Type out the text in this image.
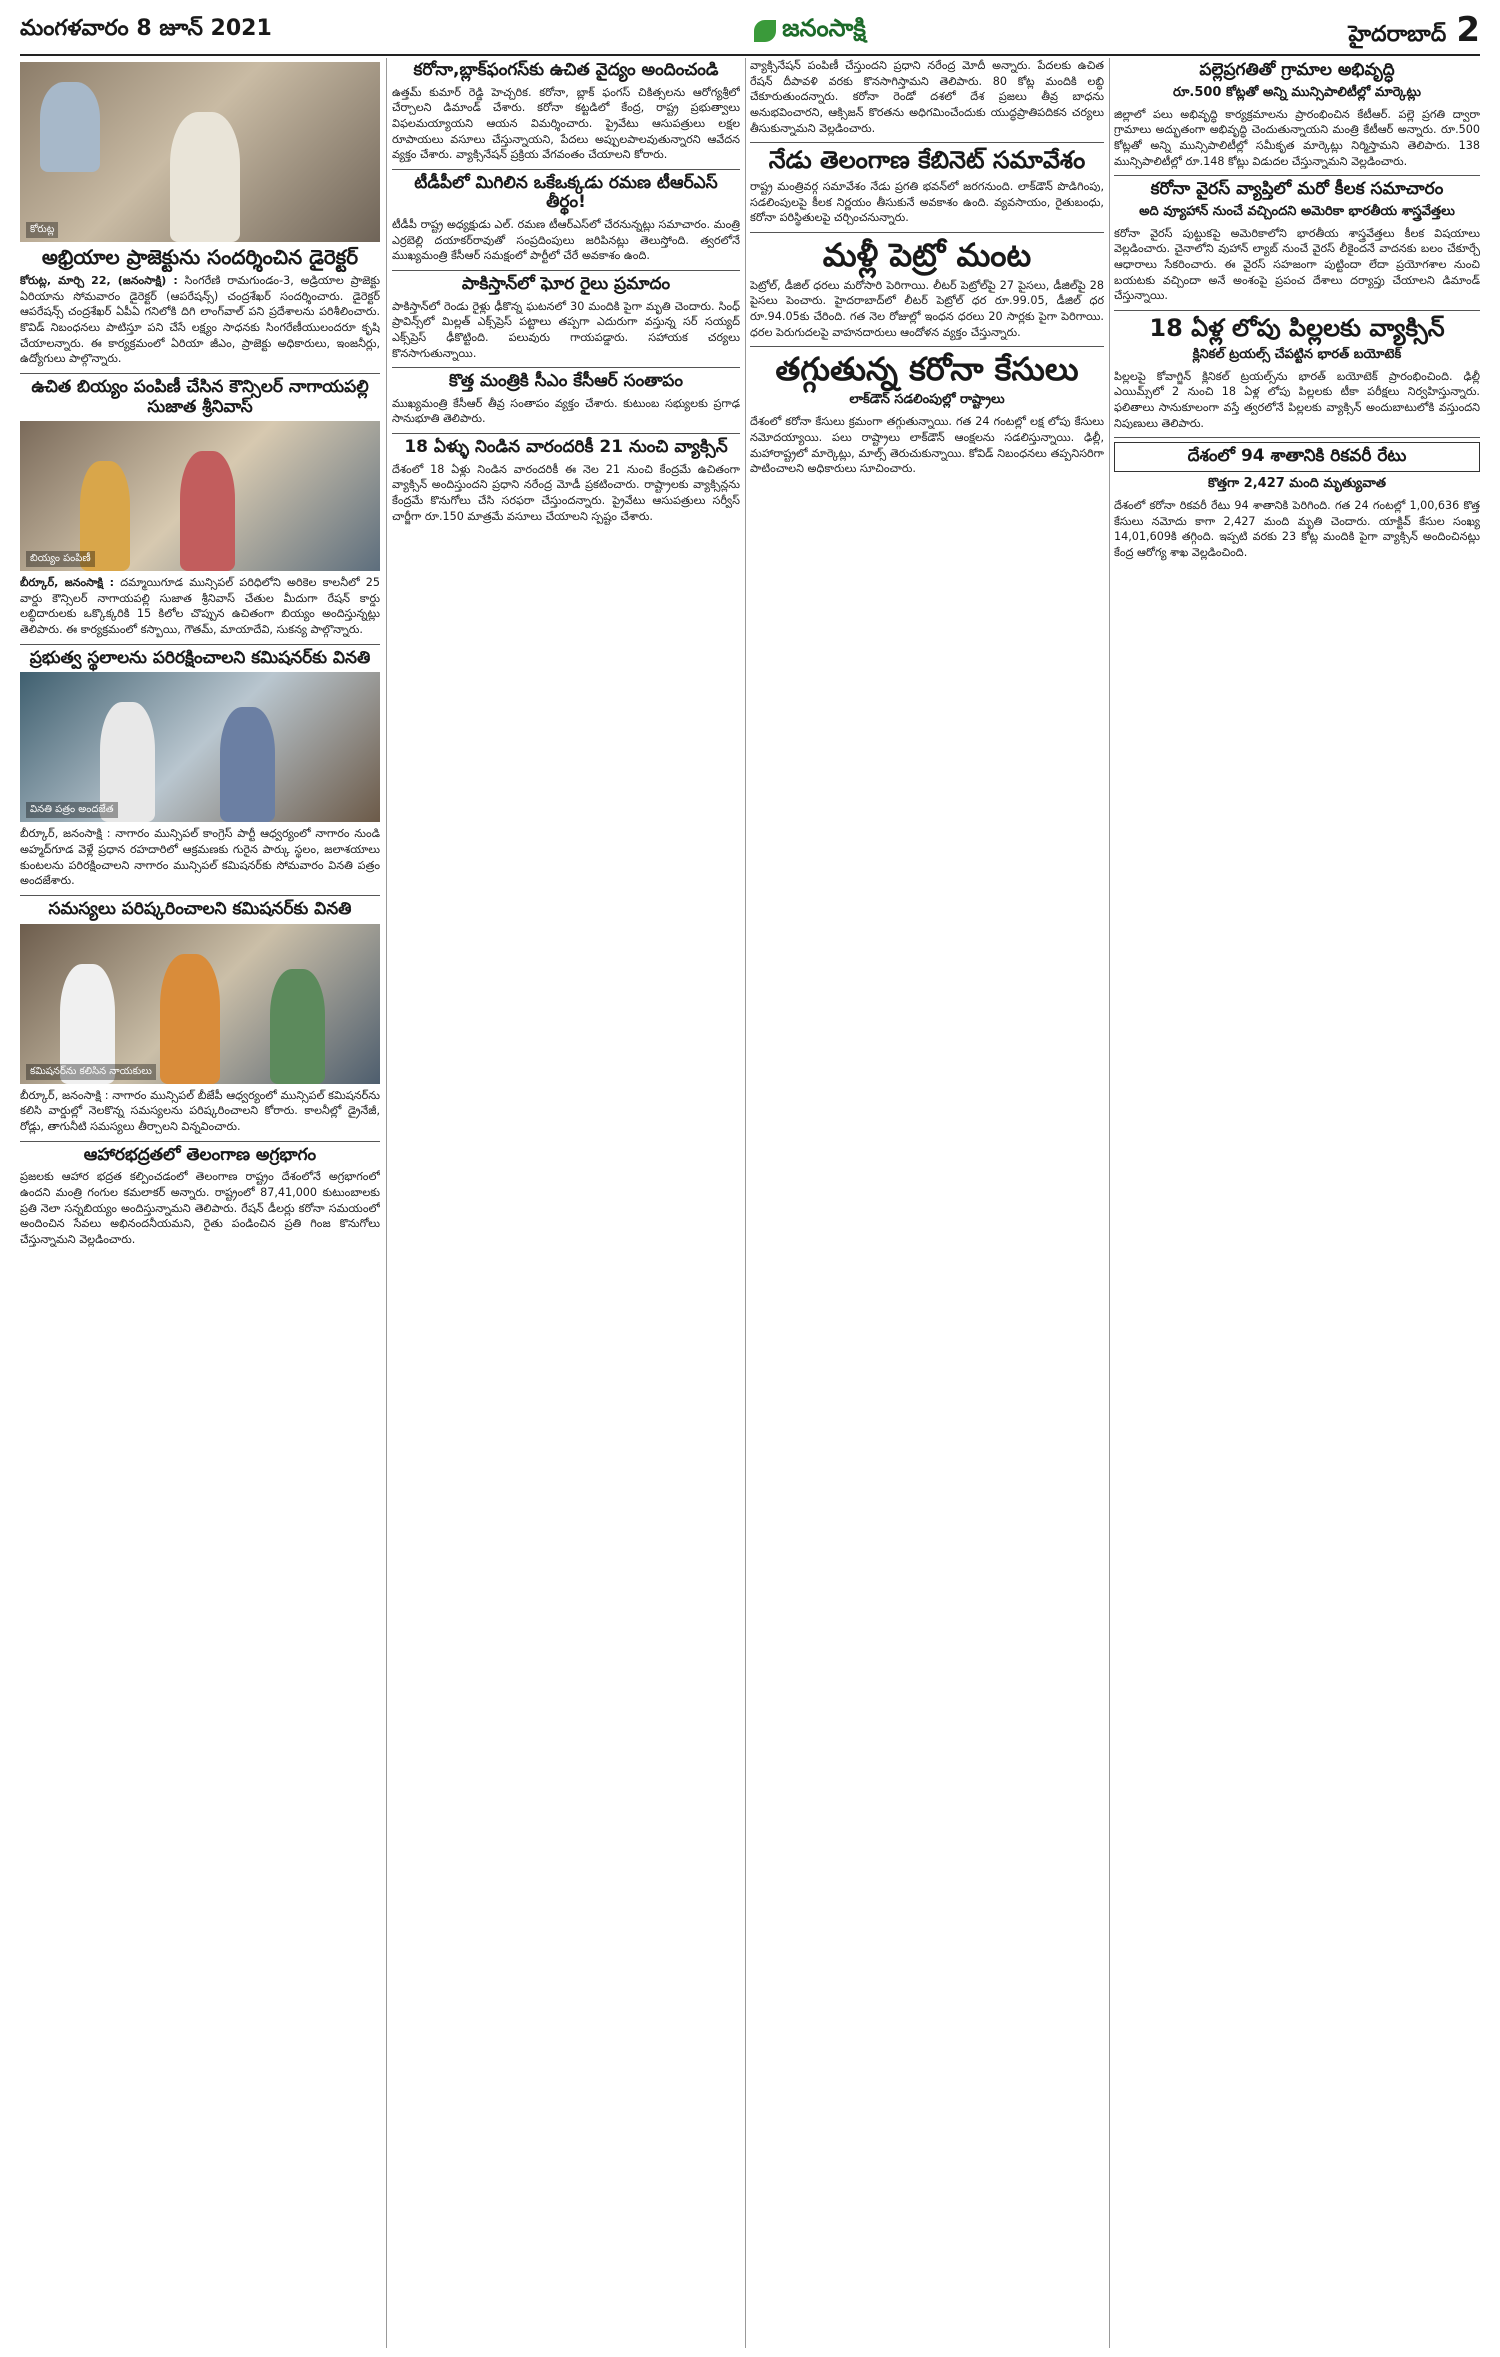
మంగళవారం 8 జూన్ 2021	జనంసాక్షి	హైదరాబాద్ 2
కోరుట్ల
అభ్రియాల ప్రాజెక్టును సందర్శించిన డైరెక్టర్

కోరుట్ల, మార్చి 22, (జనంసాక్షి) : సింగరేణి రామగుండం-3, అడ్రియాల ప్రాజెక్టు ఏరియాను సోమవారం డైరెక్టర్ (ఆపరేషన్స్) చంద్రశేఖర్ సందర్శించారు. డైరెక్టర్ ఆపరేషన్స్ చంద్రశేఖర్ ఏపీఏ గనిలోకి దిగి లాంగ్‌వాల్ పని ప్రదేశాలను పరిశీలించారు. కొవిడ్ నిబంధనలు పాటిస్తూ పని చేసే లక్ష్యం సాధనకు సింగరేణీయులందరూ కృషి చేయాలన్నారు. ఈ కార్యక్రమంలో ఏరియా జీఎం, ప్రాజెక్టు అధికారులు, ఇంజనీర్లు, ఉద్యోగులు పాల్గొన్నారు.

ఉచిత బియ్యం పంపిణీ చేసిన కౌన్సిలర్ నాగాయపల్లి సుజాత శ్రీనివాస్
బియ్యం పంపిణీ

బీర్కూర్, జనంసాక్షి : దమ్మాయిగూడ మున్సిపల్ పరిధిలోని అరికెల కాలనీలో 25 వార్డు కౌన్సిలర్ నాగాయపల్లి సుజాత శ్రీనివాస్ చేతుల మీదుగా రేషన్ కార్డు లబ్ధిదారులకు ఒక్కొక్కరికి 15 కిలోల చొప్పున ఉచితంగా బియ్యం అందిస్తున్నట్లు తెలిపారు. ఈ కార్యక్రమంలో కస్బాయి, గౌతమ్, మాయాదేవి, సుకన్య పాల్గొన్నారు.

ప్రభుత్వ స్థలాలను పరిరక్షించాలని కమిషనర్‌కు వినతి
వినతి పత్రం అందజేత

బీర్కూర్, జనంసాక్షి : నాగారం మున్సిపల్ కాంగ్రెస్ పార్టీ ఆధ్వర్యంలో నాగారం నుండి అహ్మద్‌గూడ వెళ్లే ప్రధాన రహదారిలో ఆక్రమణకు గురైన పార్కు స్థలం, జలాశయాలు కుంటలను పరిరక్షించాలని నాగారం మున్సిపల్ కమిషనర్‌కు సోమవారం వినతి పత్రం అందజేశారు.

సమస్యలు పరిష్కరించాలని కమిషనర్‌కు వినతి
కమిషనర్‌ను కలిసిన నాయకులు

బీర్కూర్, జనంసాక్షి : నాగారం మున్సిపల్ బీజేపీ ఆధ్వర్యంలో మున్సిపల్ కమిషనర్‌ను కలిసి వార్డుల్లో నెలకొన్న సమస్యలను పరిష్కరించాలని కోరారు. కాలనీల్లో డ్రైనేజీ, రోడ్లు, తాగునీటి సమస్యలు తీర్చాలని విన్నవించారు.

ఆహారభద్రతలో తెలంగాణ అగ్రభాగం

ప్రజలకు ఆహార భద్రత కల్పించడంలో తెలంగాణ రాష్ట్రం దేశంలోనే అగ్రభాగంలో ఉందని మంత్రి గంగుల కమలాకర్ అన్నారు. రాష్ట్రంలో 87,41,000 కుటుంబాలకు ప్రతి నెలా సన్నబియ్యం అందిస్తున్నామని తెలిపారు. రేషన్ డీలర్లు కరోనా సమయంలో అందించిన సేవలు అభినందనీయమని, రైతు పండించిన ప్రతి గింజ కొనుగోలు చేస్తున్నామని వెల్లడించారు.

కరోనా,బ్లాక్‌ఫంగస్‌కు ఉచిత వైద్యం అందించండి

ఉత్తమ్ కుమార్ రెడ్డి హెచ్చరిక. కరోనా, బ్లాక్ ఫంగస్ చికిత్సలను ఆరోగ్యశ్రీలో చేర్చాలని డిమాండ్ చేశారు. కరోనా కట్టడిలో కేంద్ర, రాష్ట్ర ప్రభుత్వాలు విఫలమయ్యాయని ఆయన విమర్శించారు. ప్రైవేటు ఆసుపత్రులు లక్షల రూపాయలు వసూలు చేస్తున్నాయని, పేదలు అప్పులపాలవుతున్నారని ఆవేదన వ్యక్తం చేశారు. వ్యాక్సినేషన్ ప్రక్రియ వేగవంతం చేయాలని కోరారు.

టీడీపీలో మిగిలిన ఒకేఒక్కడు రమణ టీఆర్‌ఎస్ తీర్థం!

టీడీపీ రాష్ట్ర అధ్యక్షుడు ఎల్. రమణ టీఆర్‌ఎస్‌లో చేరనున్నట్లు సమాచారం. మంత్రి ఎర్రబెల్లి దయాకర్‌రావుతో సంప్రదింపులు జరిపినట్లు తెలుస్తోంది. త్వరలోనే ముఖ్యమంత్రి కేసీఆర్ సమక్షంలో పార్టీలో చేరే అవకాశం ఉంది.

పాకిస్తాన్‌లో ఘోర రైలు ప్రమాదం

పాకిస్తాన్‌లో రెండు రైళ్లు ఢీకొన్న ఘటనలో 30 మందికి పైగా మృతి చెందారు. సింధ్ ప్రావిన్స్‌లో మిల్లత్ ఎక్స్‌ప్రెస్ పట్టాలు తప్పగా ఎదురుగా వస్తున్న సర్ సయ్యద్ ఎక్స్‌ప్రెస్ ఢీకొట్టింది. పలువురు గాయపడ్డారు. సహాయక చర్యలు కొనసాగుతున్నాయి.

కొత్త మంత్రికి సీఎం కేసీఆర్ సంతాపం

ముఖ్యమంత్రి కేసీఆర్ తీవ్ర సంతాపం వ్యక్తం చేశారు. కుటుంబ సభ్యులకు ప్రగాఢ సానుభూతి తెలిపారు.

18 ఏళ్ళు నిండిన వారందరికీ 21 నుంచి వ్యాక్సిన్

దేశంలో 18 ఏళ్లు నిండిన వారందరికీ ఈ నెల 21 నుంచి కేంద్రమే ఉచితంగా వ్యాక్సిన్ అందిస్తుందని ప్రధాని నరేంద్ర మోడీ ప్రకటించారు. రాష్ట్రాలకు వ్యాక్సిన్లను కేంద్రమే కొనుగోలు చేసి సరఫరా చేస్తుందన్నారు. ప్రైవేటు ఆసుపత్రులు సర్వీస్ చార్జీగా రూ.150 మాత్రమే వసూలు చేయాలని స్పష్టం చేశారు.

వ్యాక్సినేషన్ పంపిణీ చేస్తుందని ప్రధాని నరేంద్ర మోదీ అన్నారు. పేదలకు ఉచిత రేషన్ దీపావళి వరకు కొనసాగిస్తామని తెలిపారు. 80 కోట్ల మందికి లబ్ధి చేకూరుతుందన్నారు. కరోనా రెండో దశలో దేశ ప్రజలు తీవ్ర బాధను అనుభవించారని, ఆక్సిజన్ కొరతను అధిగమించేందుకు యుద్ధప్రాతిపదికన చర్యలు తీసుకున్నామని వెల్లడించారు.

నేడు తెలంగాణ కేబినెట్ సమావేశం

రాష్ట్ర మంత్రివర్గ సమావేశం నేడు ప్రగతి భవన్‌లో జరగనుంది. లాక్‌డౌన్ పొడిగింపు, సడలింపులపై కీలక నిర్ణయం తీసుకునే అవకాశం ఉంది. వ్యవసాయం, రైతుబంధు, కరోనా పరిస్థితులపై చర్చించనున్నారు.

మళ్లీ పెట్రో మంట

పెట్రోల్, డీజిల్ ధరలు మరోసారి పెరిగాయి. లీటర్ పెట్రోల్‌పై 27 పైసలు, డీజిల్‌పై 28 పైసలు పెంచారు. హైదరాబాద్‌లో లీటర్ పెట్రోల్ ధర రూ.99.05, డీజిల్ ధర రూ.94.05కు చేరింది. గత నెల రోజుల్లో ఇంధన ధరలు 20 సార్లకు పైగా పెరిగాయి. ధరల పెరుగుదలపై వాహనదారులు ఆందోళన వ్యక్తం చేస్తున్నారు.

తగ్గుతున్న కరోనా కేసులు
లాక్‌డౌన్ సడలింపుల్లో రాష్ట్రాలు

దేశంలో కరోనా కేసులు క్రమంగా తగ్గుతున్నాయి. గత 24 గంటల్లో లక్ష లోపు కేసులు నమోదయ్యాయి. పలు రాష్ట్రాలు లాక్‌డౌన్ ఆంక్షలను సడలిస్తున్నాయి. ఢిల్లీ, మహారాష్ట్రలో మార్కెట్లు, మాల్స్ తెరుచుకున్నాయి. కోవిడ్ నిబంధనలు తప్పనిసరిగా పాటించాలని అధికారులు సూచించారు.

పల్లెప్రగతితో గ్రామాల అభివృద్ధి
రూ.500 కోట్లతో అన్ని మున్సిపాలిటీల్లో మార్కెట్లు

జిల్లాలో పలు అభివృద్ధి కార్యక్రమాలను ప్రారంభించిన కేటీఆర్. పల్లె ప్రగతి ద్వారా గ్రామాలు అద్భుతంగా అభివృద్ధి చెందుతున్నాయని మంత్రి కేటీఆర్ అన్నారు. రూ.500 కోట్లతో అన్ని మున్సిపాలిటీల్లో సమీకృత మార్కెట్లు నిర్మిస్తామని తెలిపారు. 138 మున్సిపాలిటీల్లో రూ.148 కోట్లు విడుదల చేస్తున్నామని వెల్లడించారు.

కరోనా వైరస్ వ్యాప్తిలో మరో కీలక సమాచారం
అది వ్యూహాన్ నుంచే వచ్చిందని అమెరికా భారతీయ శాస్త్రవేత్తలు

కరోనా వైరస్ పుట్టుకపై అమెరికాలోని భారతీయ శాస్త్రవేత్తలు కీలక విషయాలు వెల్లడించారు. చైనాలోని వుహాన్ ల్యాబ్ నుంచే వైరస్ లీకైందనే వాదనకు బలం చేకూర్చే ఆధారాలు సేకరించారు. ఈ వైరస్ సహజంగా పుట్టిందా లేదా ప్రయోగశాల నుంచి బయటకు వచ్చిందా అనే అంశంపై ప్రపంచ దేశాలు దర్యాప్తు చేయాలని డిమాండ్ చేస్తున్నాయి.

18 ఏళ్ల లోపు పిల్లలకు వ్యాక్సిన్
క్లినికల్ ట్రయల్స్ చేపట్టిన భారత్ బయోటెక్

పిల్లలపై కోవాగ్జిన్ క్లినికల్ ట్రయల్స్‌ను భారత్ బయోటెక్ ప్రారంభించింది. ఢిల్లీ ఎయిమ్స్‌లో 2 నుంచి 18 ఏళ్ల లోపు పిల్లలకు టీకా పరీక్షలు నిర్వహిస్తున్నారు. ఫలితాలు సానుకూలంగా వస్తే త్వరలోనే పిల్లలకు వ్యాక్సిన్ అందుబాటులోకి వస్తుందని నిపుణులు తెలిపారు.

దేశంలో 94 శాతానికి రికవరీ రేటు
కొత్తగా 2,427 మంది మృత్యువాత

దేశంలో కరోనా రికవరీ రేటు 94 శాతానికి పెరిగింది. గత 24 గంటల్లో 1,00,636 కొత్త కేసులు నమోదు కాగా 2,427 మంది మృతి చెందారు. యాక్టివ్ కేసుల సంఖ్య 14,01,609కి తగ్గింది. ఇప్పటి వరకు 23 కోట్ల మందికి పైగా వ్యాక్సిన్ అందించినట్లు కేంద్ర ఆరోగ్య శాఖ వెల్లడించింది.
